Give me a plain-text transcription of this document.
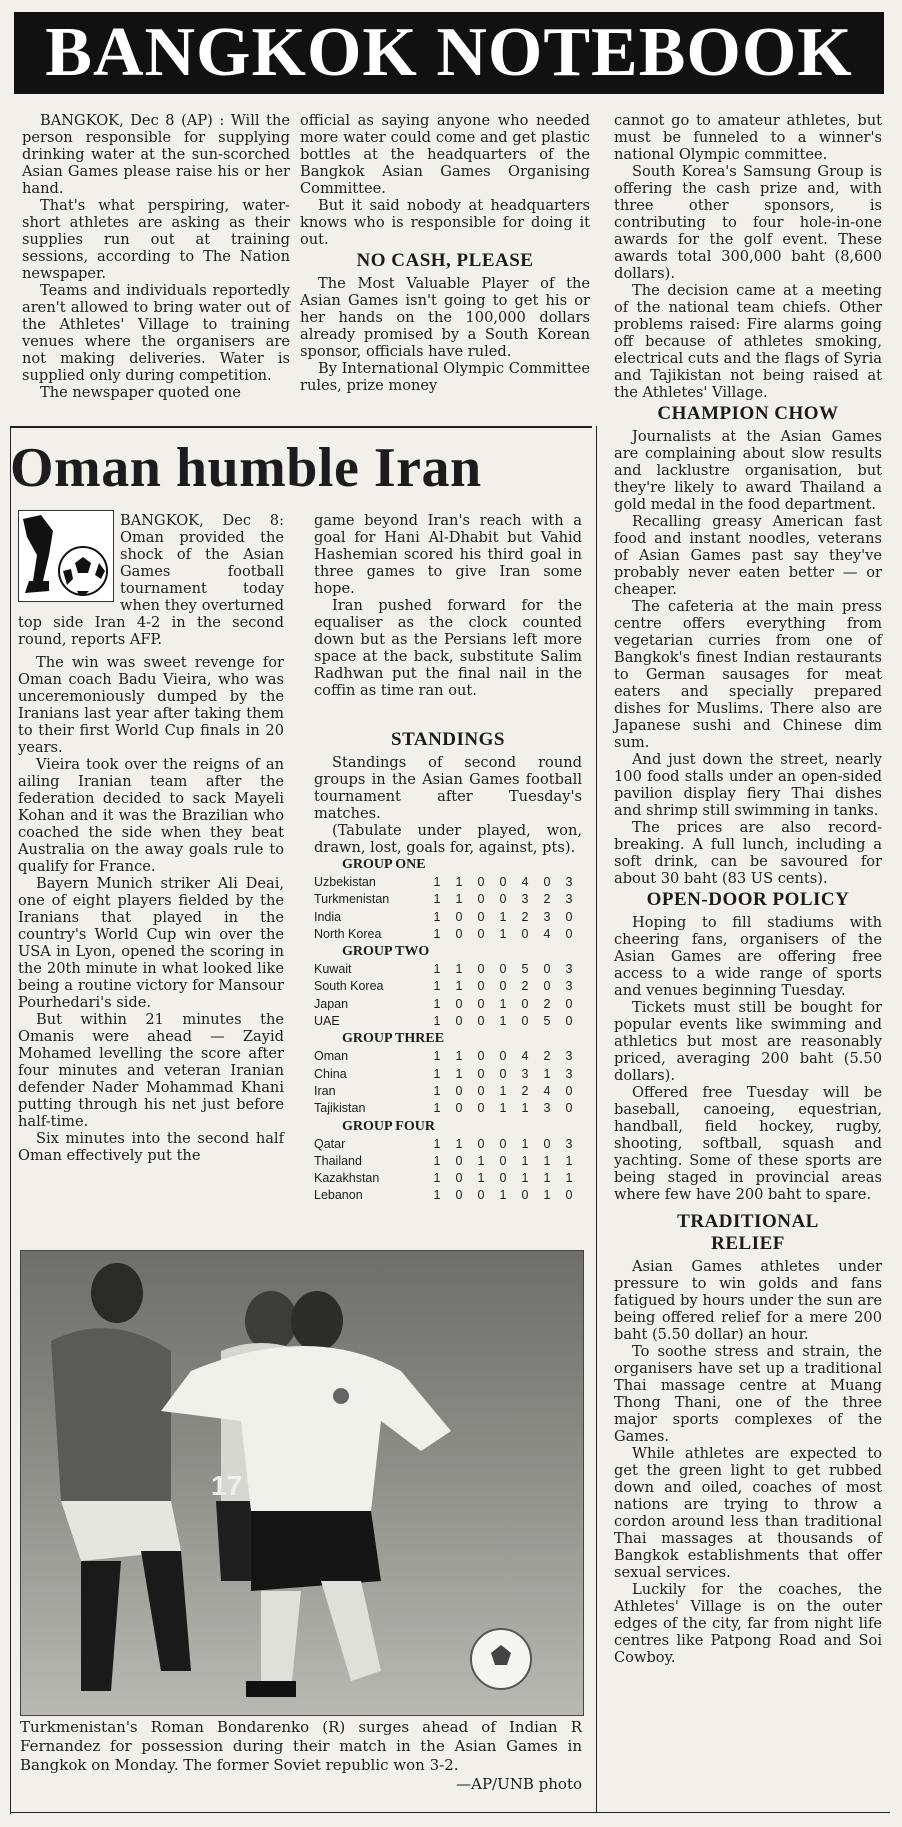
BANGKOK NOTEBOOK

BANGKOK, Dec 8 (AP) : Will the person responsible for supplying drinking water at the sun-scorched Asian Games please raise his or her hand.

That's what perspiring, water-short athletes are asking as their supplies run out at training sessions, according to The Nation newspaper.

Teams and individuals reportedly aren't allowed to bring water out of the Athletes' Village to training venues where the organisers are not making deliveries. Water is supplied only during competition.

The newspaper quoted one

official as saying anyone who needed more water could come and get plastic bottles at the headquarters of the Bangkok Asian Games Organising Committee.

But it said nobody at headquarters knows who is responsible for doing it out.

NO CASH, PLEASE

The Most Valuable Player of the Asian Games isn't going to get his or her hands on the 100,000 dollars already promised by a South Korean sponsor, officials have ruled.

By International Olympic Committee rules, prize money

cannot go to amateur athletes, but must be funneled to a winner's national Olympic committee.

South Korea's Samsung Group is offering the cash prize and, with three other sponsors, is contributing to four hole-in-one awards for the golf event. These awards total 300,000 baht (8,600 dollars).

The decision came at a meeting of the national team chiefs. Other problems raised: Fire alarms going off because of athletes smoking, electrical cuts and the flags of Syria and Tajikistan not being raised at the Athletes' Village.

CHAMPION CHOW

Journalists at the Asian Games are complaining about slow results and lacklustre organisation, but they're likely to award Thailand a gold medal in the food department.

Recalling greasy American fast food and instant noodles, veterans of Asian Games past say they've probably never eaten better — or cheaper.

The cafeteria at the main press centre offers everything from vegetarian curries from one of Bangkok's finest Indian restaurants to German sausages for meat eaters and specially prepared dishes for Muslims. There also are Japanese sushi and Chinese dim sum.

And just down the street, nearly 100 food stalls under an open-sided pavilion display fiery Thai dishes and shrimp still swimming in tanks.

The prices are also record-breaking. A full lunch, including a soft drink, can be savoured for about 30 baht (83 US cents).

OPEN-DOOR POLICY

Hoping to fill stadiums with cheering fans, organisers of the Asian Games are offering free access to a wide range of sports and venues beginning Tuesday.

Tickets must still be bought for popular events like swimming and athletics but most are reasonably priced, averaging 200 baht (5.50 dollars).

Offered free Tuesday will be baseball, canoeing, equestrian, handball, field hockey, rugby, shooting, softball, squash and yachting. Some of these sports are being staged in provincial areas where few have 200 baht to spare.

TRADITIONAL RELIEF

Asian Games athletes under pressure to win golds and fans fatigued by hours under the sun are being offered relief for a mere 200 baht (5.50 dollar) an hour.

To soothe stress and strain, the organisers have set up a traditional Thai massage centre at Muang Thong Thani, one of the three major sports complexes of the Games.

While athletes are expected to get the green light to get rubbed down and oiled, coaches of most nations are trying to throw a cordon around less than traditional Thai massages at thousands of Bangkok establishments that offer sexual services.

Luckily for the coaches, the Athletes' Village is on the outer edges of the city, far from night life centres like Patpong Road and Soi Cowboy.

Oman humble Iran

BANGKOK, Dec 8: Oman provided the shock of the Asian Games football tournament today when they overturned top side Iran 4-2 in the second round, reports AFP.

The win was sweet revenge for Oman coach Badu Vieira, who was unceremoniously dumped by the Iranians last year after taking them to their first World Cup finals in 20 years.

Vieira took over the reigns of an ailing Iranian team after the federation decided to sack Mayeli Kohan and it was the Brazilian who coached the side when they beat Australia on the away goals rule to qualify for France.

Bayern Munich striker Ali Deai, one of eight players fielded by the Iranians that played in the country's World Cup win over the USA in Lyon, opened the scoring in the 20th minute in what looked like being a routine victory for Mansour Pourhedari's side.

But within 21 minutes the Omanis were ahead — Zayid Mohamed levelling the score after four minutes and veteran Iranian defender Nader Mohammad Khani putting through his net just before half-time.

Six minutes into the second half Oman effectively put the

game beyond Iran's reach with a goal for Hani Al-Dhabit but Vahid Hashemian scored his third goal in three games to give Iran some hope.

Iran pushed forward for the equaliser as the clock counted down but as the Persians left more space at the back, substitute Salim Radhwan put the final nail in the coffin as time ran out.

STANDINGS

Standings of second round groups in the Asian Games football tournament after Tuesday's matches.

(Tabulate under played, won, drawn, lost, goals for, against, pts).

GROUP ONE
Uzbekistan	1	1	0	0	4	0	3
Turkmenistan	1	1	0	0	3	2	3
India	1	0	0	1	2	3	0
North Korea	1	0	0	1	0	4	0
GROUP TWO
Kuwait	1	1	0	0	5	0	3
South Korea	1	1	0	0	2	0	3
Japan	1	0	0	1	0	2	0
UAE	1	0	0	1	0	5	0
GROUP THREE
Oman	1	1	0	0	4	2	3
China	1	1	0	0	3	1	3
Iran	1	0	0	1	2	4	0
Tajikistan	1	0	0	1	1	3	0
GROUP FOUR
Qatar	1	1	0	0	1	0	3
Thailand	1	0	1	0	1	1	1
Kazakhstan	1	0	1	0	1	1	1
Lebanon	1	0	0	1	0	1	0
17
Turkmenistan's Roman Bondarenko (R) surges ahead of Indian R Fernandez for possession during their match in the Asian Games in Bangkok on Monday. The former Soviet republic won 3-2.
—AP/UNB photo
